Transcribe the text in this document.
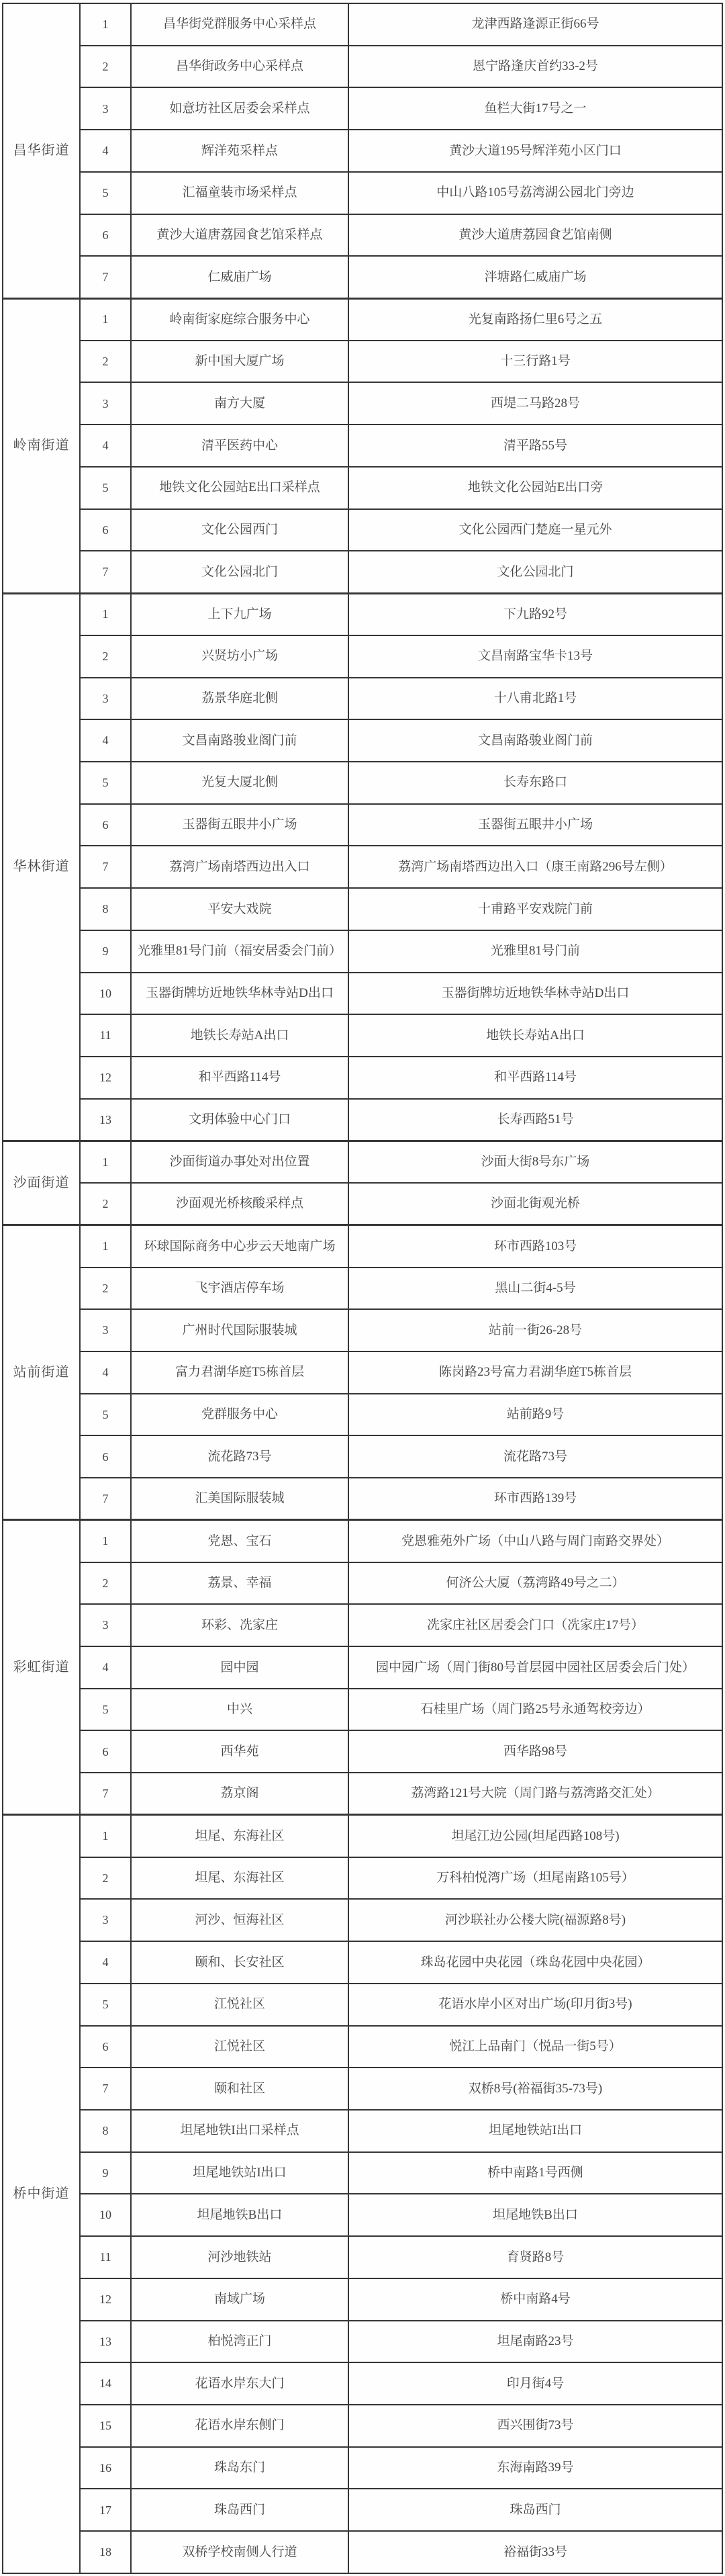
昌华街道	1	昌华街党群服务中心采样点	龙津西路逢源正街66号
	2	昌华街政务中心采样点	恩宁路逢庆首约33-2号
	3	如意坊社区居委会采样点	鱼栏大街17号之一
	4	辉洋苑采样点	黄沙大道195号辉洋苑小区门口
	5	汇福童装市场采样点	中山八路105号荔湾湖公园北门旁边
	6	黄沙大道唐荔园食艺馆采样点	黄沙大道唐荔园食艺馆南侧
	7	仁威庙广场	泮塘路仁威庙广场
岭南街道	1	岭南街家庭综合服务中心	光复南路扬仁里6号之五
	2	新中国大厦广场	十三行路1号
	3	南方大厦	西堤二马路28号
	4	清平医药中心	清平路55号
	5	地铁文化公园站E出口采样点	地铁文化公园站E出口旁
	6	文化公园西门	文化公园西门楚庭一星元外
	7	文化公园北门	文化公园北门
华林街道	1	上下九广场	下九路92号
	2	兴贤坊小广场	文昌南路宝华卡13号
	3	荔景华庭北侧	十八甫北路1号
	4	文昌南路骏业阁门前	文昌南路骏业阁门前
	5	光复大厦北侧	长寿东路口
	6	玉器街五眼井小广场	玉器街五眼井小广场
	7	荔湾广场南塔西边出入口	荔湾广场南塔西边出入口（康王南路296号左侧）
	8	平安大戏院	十甫路平安戏院门前
	9	光雅里81号门前（福安居委会门前）	光雅里81号门前
	10	玉器街牌坊近地铁华林寺站D出口	玉器街牌坊近地铁华林寺站D出口
	11	地铁长寿站A出口	地铁长寿站A出口
	12	和平西路114号	和平西路114号
	13	文玥体验中心门口	长寿西路51号
沙面街道	1	沙面街道办事处对出位置	沙面大街8号东广场
	2	沙面观光桥核酸采样点	沙面北街观光桥
站前街道	1	环球国际商务中心步云天地南广场	环市西路103号
	2	飞宇酒店停车场	黑山二街4-5号
	3	广州时代国际服装城	站前一街26-28号
	4	富力君湖华庭T5栋首层	陈岗路23号富力君湖华庭T5栋首层
	5	党群服务中心	站前路9号
	6	流花路73号	流花路73号
	7	汇美国际服装城	环市西路139号
彩虹街道	1	党恩、宝石	党恩雅苑外广场（中山八路与周门南路交界处）
	2	荔景、幸福	何济公大厦（荔湾路49号之二）
	3	环彩、冼家庄	冼家庄社区居委会门口（冼家庄17号）
	4	园中园	园中园广场（周门街80号首层园中园社区居委会后门处）
	5	中兴	石桂里广场（周门路25号永通驾校旁边）
	6	西华苑	西华路98号
	7	荔京阁	荔湾路121号大院（周门路与荔湾路交汇处）
桥中街道	1	坦尾、东海社区	坦尾江边公园(坦尾西路108号)
	2	坦尾、东海社区	万科柏悦湾广场（坦尾南路105号）
	3	河沙、恒海社区	河沙联社办公楼大院(福源路8号)
	4	颐和、长安社区	珠岛花园中央花园（珠岛花园中央花园）
	5	江悦社区	花语水岸小区对出广场(印月街3号)
	6	江悦社区	悦江上品南门（悦品一街5号）
	7	颐和社区	双桥8号(裕福街35-73号)
	8	坦尾地铁I出口采样点	坦尾地铁站I出口
	9	坦尾地铁站I出口	桥中南路1号西侧
	10	坦尾地铁B出口	坦尾地铁B出口
	11	河沙地铁站	育贤路8号
	12	南域广场	桥中南路4号
	13	柏悦湾正门	坦尾南路23号
	14	花语水岸东大门	印月街4号
	15	花语水岸东侧门	西兴围街73号
	16	珠岛东门	东海南路39号
	17	珠岛西门	珠岛西门
	18	双桥学校南侧人行道	裕福街33号
